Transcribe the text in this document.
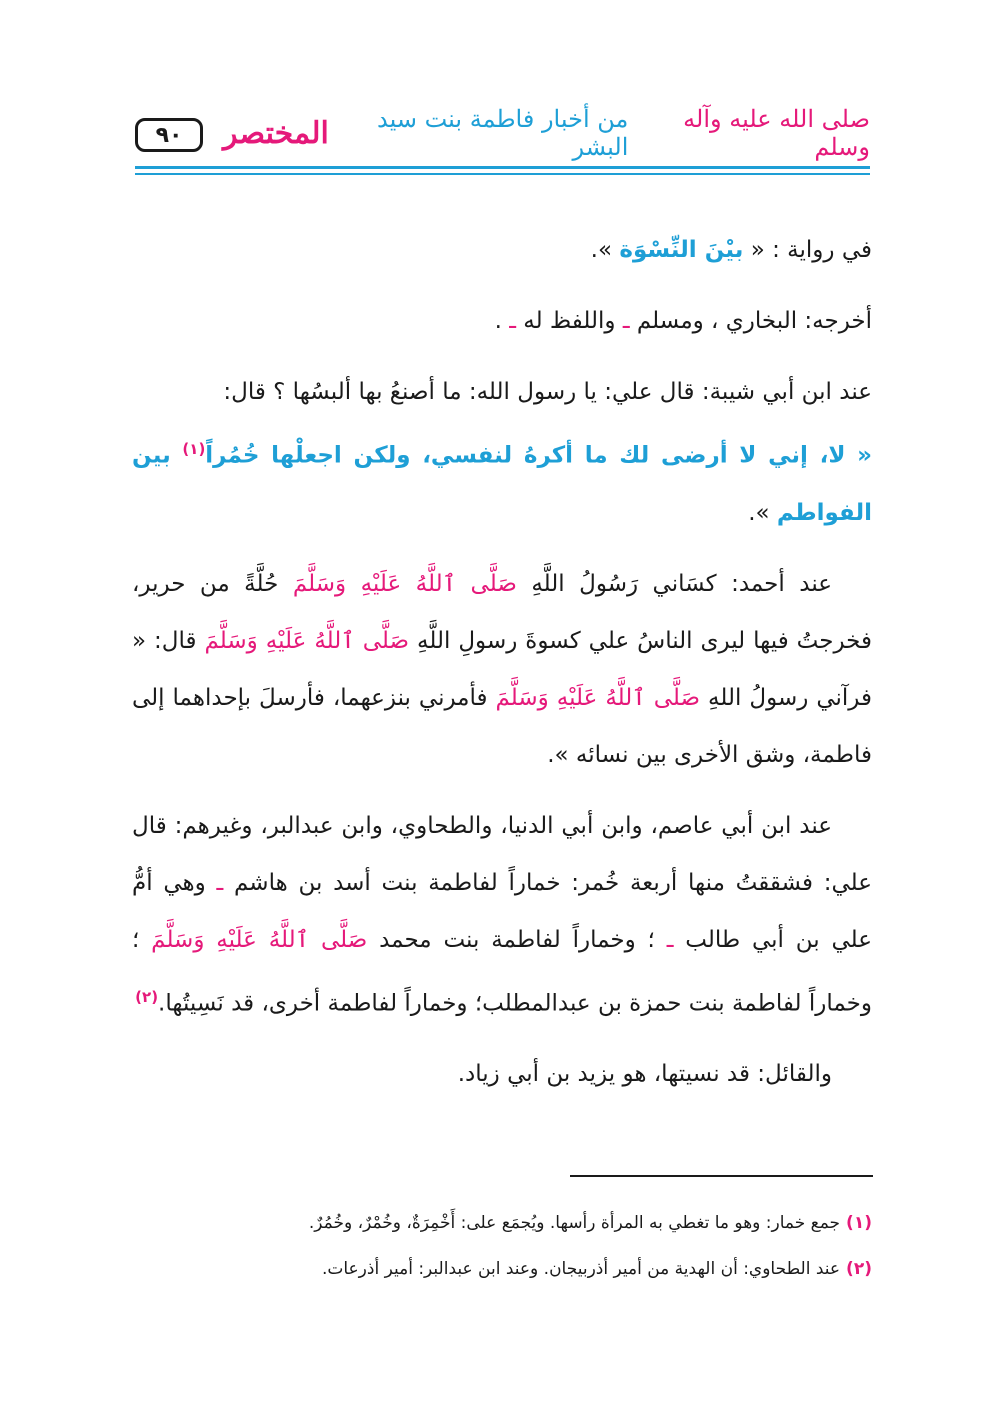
٩٠	المختصر	من أخبار فاطمة بنت سيد البشر
صلى الله عليه وآله وسلم

في رواية : « بيْنَ النِّسْوَة ».

أخرجه: البخاري ، ومسلم ـ واللفظ له ـ .

عند ابن أبي شيبة: قال علي: يا رسول الله: ما أصنعُ بها ألبسُها ؟ قال:
« لا، إني لا أرضى لك ما أكرهُ لنفسي، ولكن اجعلْها خُمُراً$^{(١)}$ بين الفواطم ».

عند أحمد: كسَاني رَسُولُ اللَّهِ صَلَّى ٱللَّهُ عَلَيْهِ وَسَلَّمَ حُلَّةً من حرير، فخرجتُ فيها ليرى الناسُ علي كسوةَ رسولِ اللَّهِ صَلَّى ٱللَّهُ عَلَيْهِ وَسَلَّمَ قال: « فرآني رسولُ اللهِ صَلَّى ٱللَّهُ عَلَيْهِ وَسَلَّمَ فأمرني بنزعهما، فأرسلَ بإحداهما إلى فاطمة، وشق الأخرى بين نسائه ».

عند ابن أبي عاصم، وابن أبي الدنيا، والطحاوي، وابن عبدالبر، وغيرهم: قال علي: فشققتُ منها أربعة خُمر: خماراً لفاطمة بنت أسد بن هاشم ـ وهي أمُّ علي بن أبي طالب ـ ؛ وخماراً لفاطمة بنت محمد صَلَّى ٱللَّهُ عَلَيْهِ وَسَلَّمَ ؛ وخماراً لفاطمة بنت حمزة بن عبدالمطلب؛ وخماراً لفاطمة أخرى، قد نَسِيتُها.$^{(٢)}$

والقائل: قد نسيتها، هو يزيد بن أبي زياد.

(١)جمع خمار: وهو ما تغطي به المرأة رأسها. ويُجمَع على: أَخْمِرَةٌ، وخُمْرٌ، وخُمُرٌ.
(٢)عند الطحاوي: أن الهدية من أمير أذربيجان. وعند ابن عبدالبر: أمير أذرعات.
